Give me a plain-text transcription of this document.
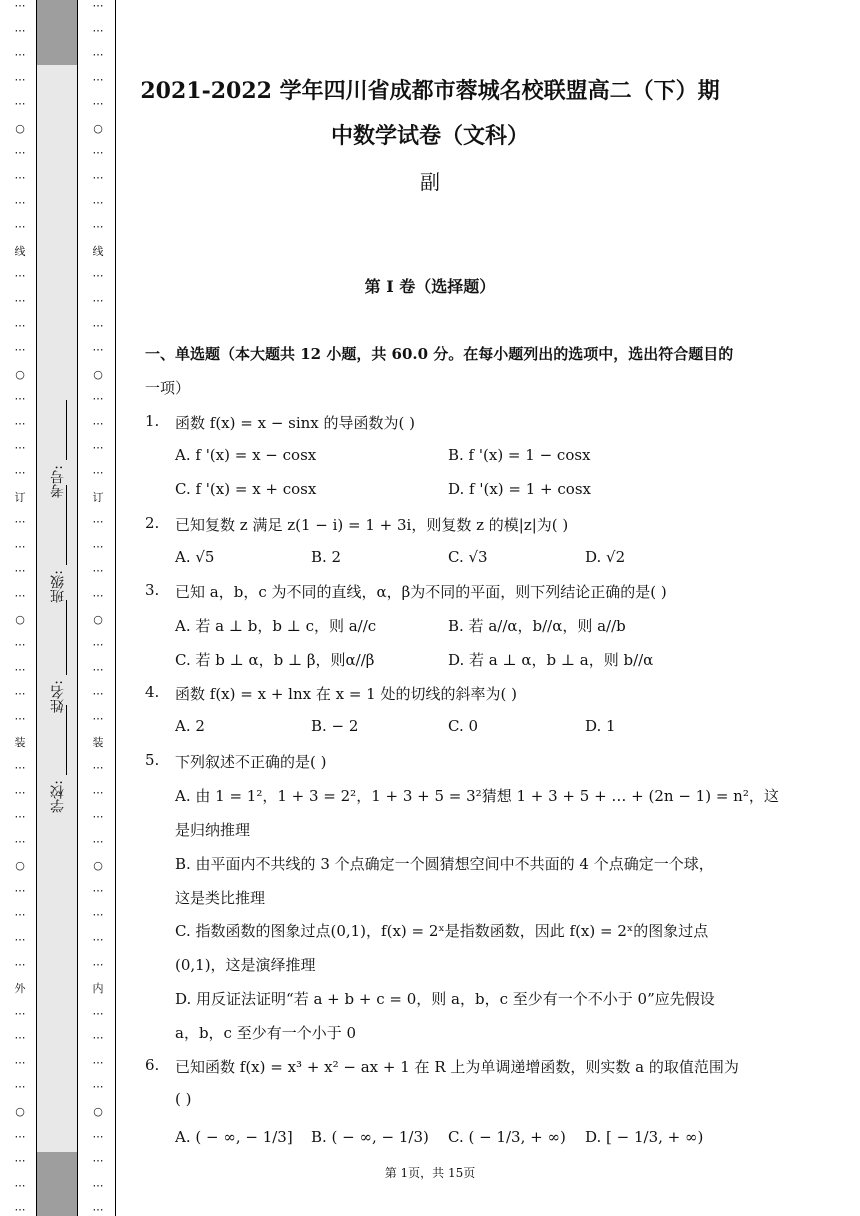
⋯
⋯
⋯
⋯
⋯
○
⋯
⋯
⋯
⋯
线
⋯
⋯
⋯
⋯
○
⋯
⋯
⋯
⋯
订
⋯
⋯
⋯
⋯
○
⋯
⋯
⋯
⋯
装
⋯
⋯
⋯
⋯
○
⋯
⋯
⋯
⋯
外
⋯
⋯
⋯
⋯
○
⋯
⋯
⋯
⋯
⋯
⋯
⋯
⋯
⋯
○
⋯
⋯
⋯
⋯
线
⋯
⋯
⋯
⋯
○
⋯
⋯
⋯
⋯
订
⋯
⋯
⋯
⋯
○
⋯
⋯
⋯
⋯
装
⋯
⋯
⋯
⋯
○
⋯
⋯
⋯
⋯
内
⋯
⋯
⋯
⋯
○
⋯
⋯
⋯
⋯
学校:
姓名:
班级:
考号:
2021-2022 学年四川省成都市蓉城名校联盟高二（下）期
中数学试卷（文科）
副
第 I 卷（选择题）
一、单选题（本大题共 12 小题，共 60.0 分。在每小题列出的选项中，选出符合题目的
一项）
1. 函数 f(x) = x − sinx 的导函数为( )
A. f '(x) = x − cosx	B. f '(x) = 1 − cosx
C. f '(x) = x + cosx	D. f '(x) = 1 + cosx
2. 已知复数 z 满足 z(1 − i) = 1 + 3i，则复数 z 的模|z|为( )
A. √5	B. 2	C. √3	D. √2
3. 已知 a，b，c 为不同的直线，α，β为不同的平面，则下列结论正确的是( )
A. 若 a ⊥ b，b ⊥ c，则 a//c	B. 若 a//α，b//α，则 a//b
C. 若 b ⊥ α，b ⊥ β，则α//β	D. 若 a ⊥ α，b ⊥ a，则 b//α
4. 函数 f(x) = x + lnx 在 x = 1 处的切线的斜率为( )
A. 2	B. − 2	C. 0	D. 1
5. 下列叙述不正确的是( )
A. 由 1 = 1²，1 + 3 = 2²，1 + 3 + 5 = 3²猜想 1 + 3 + 5 + … + (2n − 1) = n²，这
是归纳推理
B. 由平面内不共线的 3 个点确定一个圆猜想空间中不共面的 4 个点确定一个球，
这是类比推理
C. 指数函数的图象过点(0,1)，f(x) = 2ˣ是指数函数，因此 f(x) = 2ˣ的图象过点
(0,1)，这是演绎推理
D. 用反证法证明“若 a + b + c = 0，则 a，b，c 至少有一个不小于 0”应先假设
a，b，c 至少有一个小于 0
6. 已知函数 f(x) = x³ + x² − ax + 1 在 R 上为单调递增函数，则实数 a 的取值范围为
( )
A. ( − ∞, − 1/3] B. ( − ∞, − 1/3) C. ( − 1/3, + ∞) D. [ − 1/3, + ∞)
第 1页，共 15页
